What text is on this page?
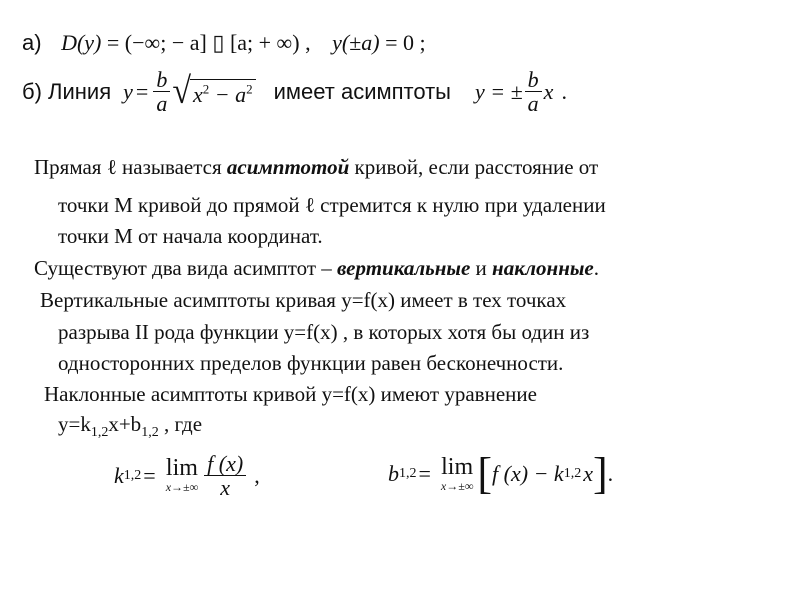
а) D(y) = (−∞; − a] ▯ [a; + ∞) , y(±a) = 0 ;
б) Линия $y = \frac{b}{a}$ √ $x^2 - a^2$ имеет асимптоты y = ± $\frac{b}{a}$ x .
Прямая ℓ называется асимптотой кривой, если расстояние от
точки M кривой до прямой ℓ стремится к нулю при удалении
точки M от начала координат.
Существуют два вида асимптот – вертикальные и наклонные.
Вертикальные асимптоты кривая y=f(x) имеет в тех точках
разрыва II рода функции y=f(x) , в которых хотя бы один из
односторонних пределов функции равен бесконечности.
Наклонные асимптоты кривой y=f(x) имеют уравнение
$y=k_{1,2}x+b_{1,2}$ , где
k 1,2 = lim
$x\to\pm\infty \frac{f (x)}{x}$ ,	b 1,2 = lim
x→±∞ [ f (x) − k 1,2 x ] .
